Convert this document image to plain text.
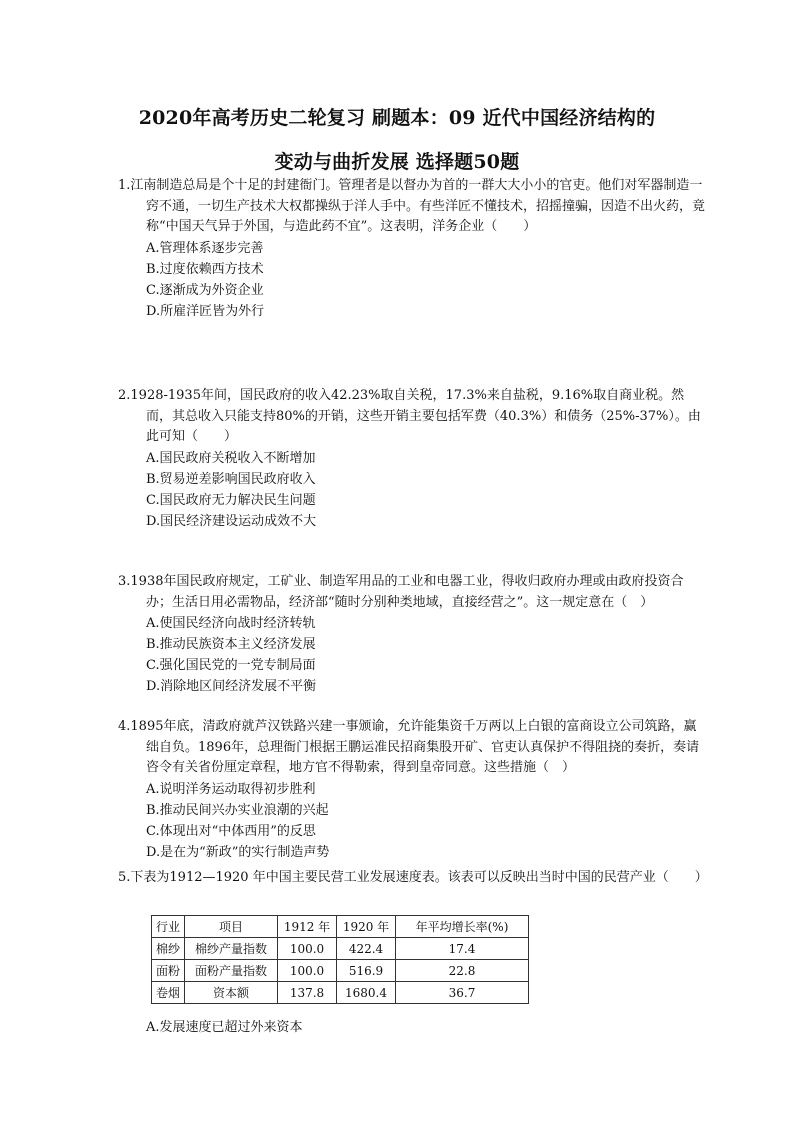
2020年高考历史二轮复习 刷题本：09 近代中国经济结构的
变动与曲折发展 选择题50题

1.江南制造总局是个十足的封建衙门。管理者是以督办为首的一群大大小小的官吏。他们对军器制造一窍不通，一切生产技术大权都操纵于洋人手中。有些洋匠不懂技术，招摇撞骗，因造不出火药，竟称“中国天气异于外国，与造此药不宜”。这表明，洋务企业（　　）

A.管理体系逐步完善
B.过度依赖西方技术
C.逐渐成为外资企业
D.所雇洋匠皆为外行

2.1928-1935年间，国民政府的收入42.23%取自关税，17.3%来自盐税，9.16%取自商业税。然而，其总收入只能支持80%的开销，这些开销主要包括军费（40.3%）和债务（25%-37%）。由此可知（　　）

A.国民政府关税收入不断增加
B.贸易逆差影响国民政府收入
C.国民政府无力解决民生问题
D.国民经济建设运动成效不大

3.1938年国民政府规定，工矿业、制造军用品的工业和电器工业，得收归政府办理或由政府投资合办；生活日用必需物品，经济部“随时分别种类地域，直接经营之”。这一规定意在（　）

A.使国民经济向战时经济转轨
B.推动民族资本主义经济发展
C.强化国民党的一党专制局面
D.消除地区间经济发展不平衡

4.1895年底，清政府就芦汉铁路兴建一事颁谕，允许能集资千万两以上白银的富商设立公司筑路，赢绌自负。1896年，总理衙门根据王鹏运准民招商集股开矿、官吏认真保护不得阻挠的奏折，奏请咨令有关省份厘定章程，地方官不得勒索，得到皇帝同意。这些措施（　）

A.说明洋务运动取得初步胜利
B.推动民间兴办实业浪潮的兴起
C.体现出对“中体西用”的反思
D.是在为“新政”的实行制造声势

5.下表为1912—1920 年中国主要民营工业发展速度表。该表可以反映出当时中国的民营产业（　　）

行业	项目	1912 年	1920 年	年平均增长率(%)
棉纱	棉纱产量指数	100.0	422.4	17.4
面粉	面粉产量指数	100.0	516.9	22.8
卷烟	资本额	137.8	1680.4	36.7
A.发展速度已超过外来资本
